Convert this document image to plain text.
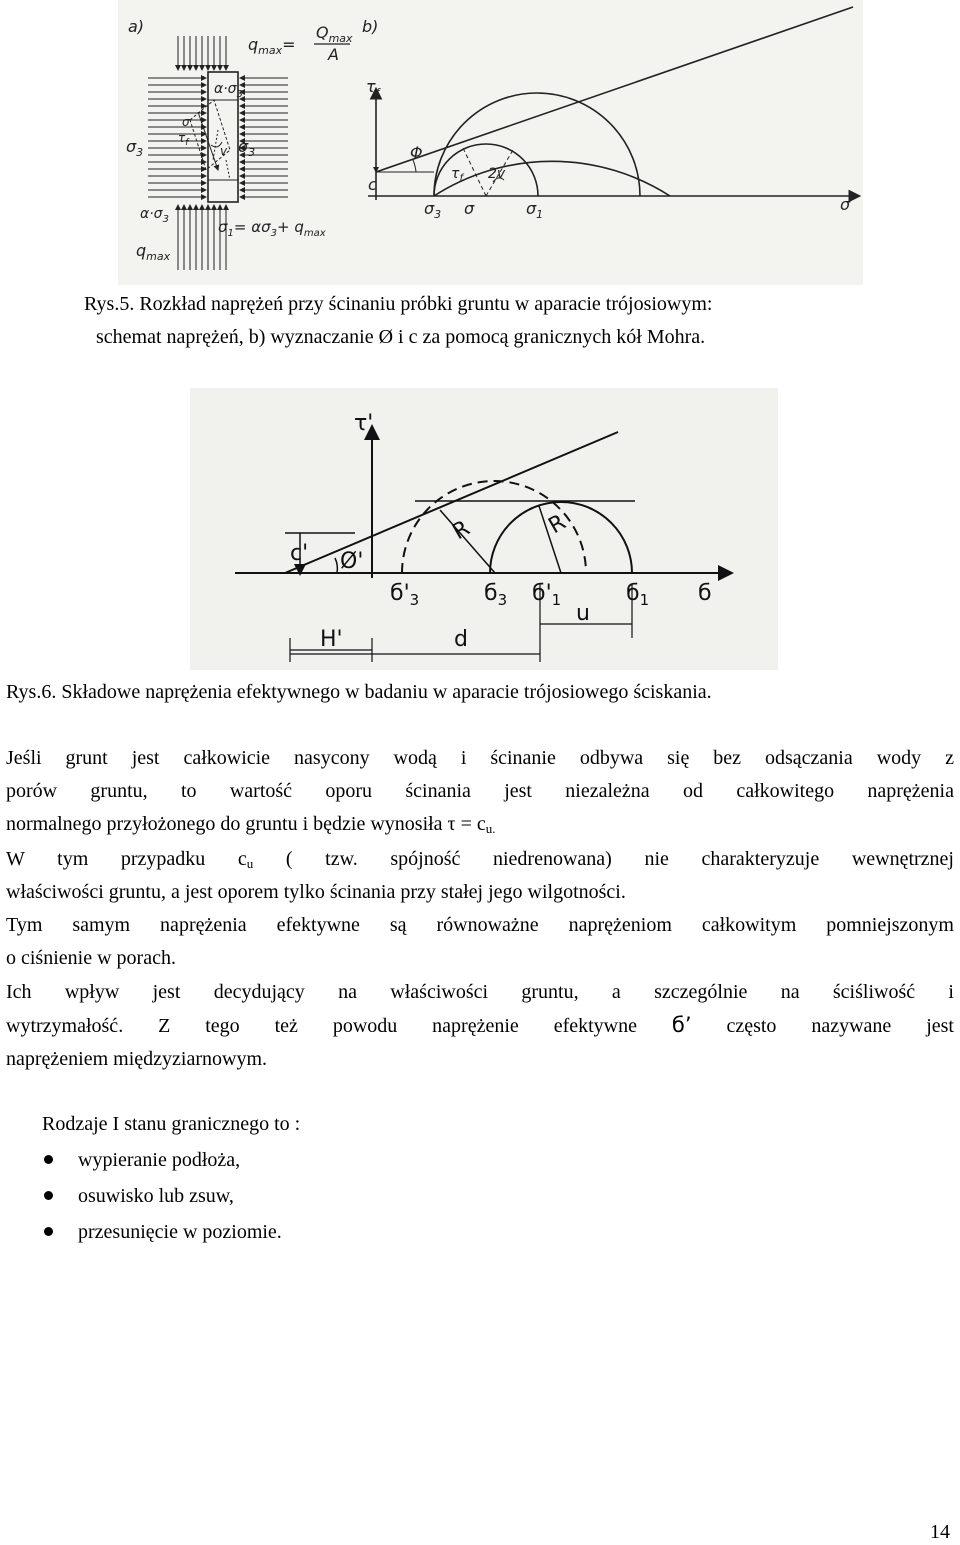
a)
$q_{max}=$
$Q_{max}$
A
$\alpha\cdot\sigma_3$
$\sigma_3$	$\sigma_3$
σ
$\tau_f$
v
$\alpha\cdot\sigma_3$	$\sigma_1= \alpha\sigma_3+ q_{max}$
$q_{max}$
b)
$\tau_f$
Φ
c
$\tau_f$ 2v
$\sigma_3$ σ	$\sigma_1$
σ
Rys.5. Rozkład naprężeń przy ścinaniu próbki gruntu w aparacie trójosiowym:
schemat naprężeń, b) wyznaczanie Ø i c za pomocą granicznych kół Mohra.
τ'
c' Ø'
R	R
$б'_3$	$б_3$ $б'_1$	$б_1$ б
u
H'	d
Rys.6. Składowe naprężenia efektywnego w badaniu w aparacie trójosiowego ściskania.
Jeśli grunt jest całkowicie nasycony wodą i ścinanie odbywa się bez odsączania wody z
porów gruntu, to wartość oporu ścinania jest niezależna od całkowitego naprężenia
normalnego przyłożonego do gruntu i będzie wynosiła $\tau = c_{u.}$
W tym przypadku $c_u$ ( tzw. spójność niedrenowana) nie charakteryzuje wewnętrznej
właściwości gruntu, a jest oporem tylko ścinania przy stałej jego wilgotności.
Tym samym naprężenia efektywne są równoważne naprężeniom całkowitym pomniejszonym
o ciśnienie w porach.
Ich wpływ jest decydujący na właściwości gruntu, a szczególnie na ściśliwość i
wytrzymałość. Z tego też powodu naprężenie efektywne б’ często nazywane jest
naprężeniem międzyziarnowym.
Rodzaje I stanu granicznego to :
wypieranie podłoża,
osuwisko lub zsuw,
przesunięcie w poziomie.
14
